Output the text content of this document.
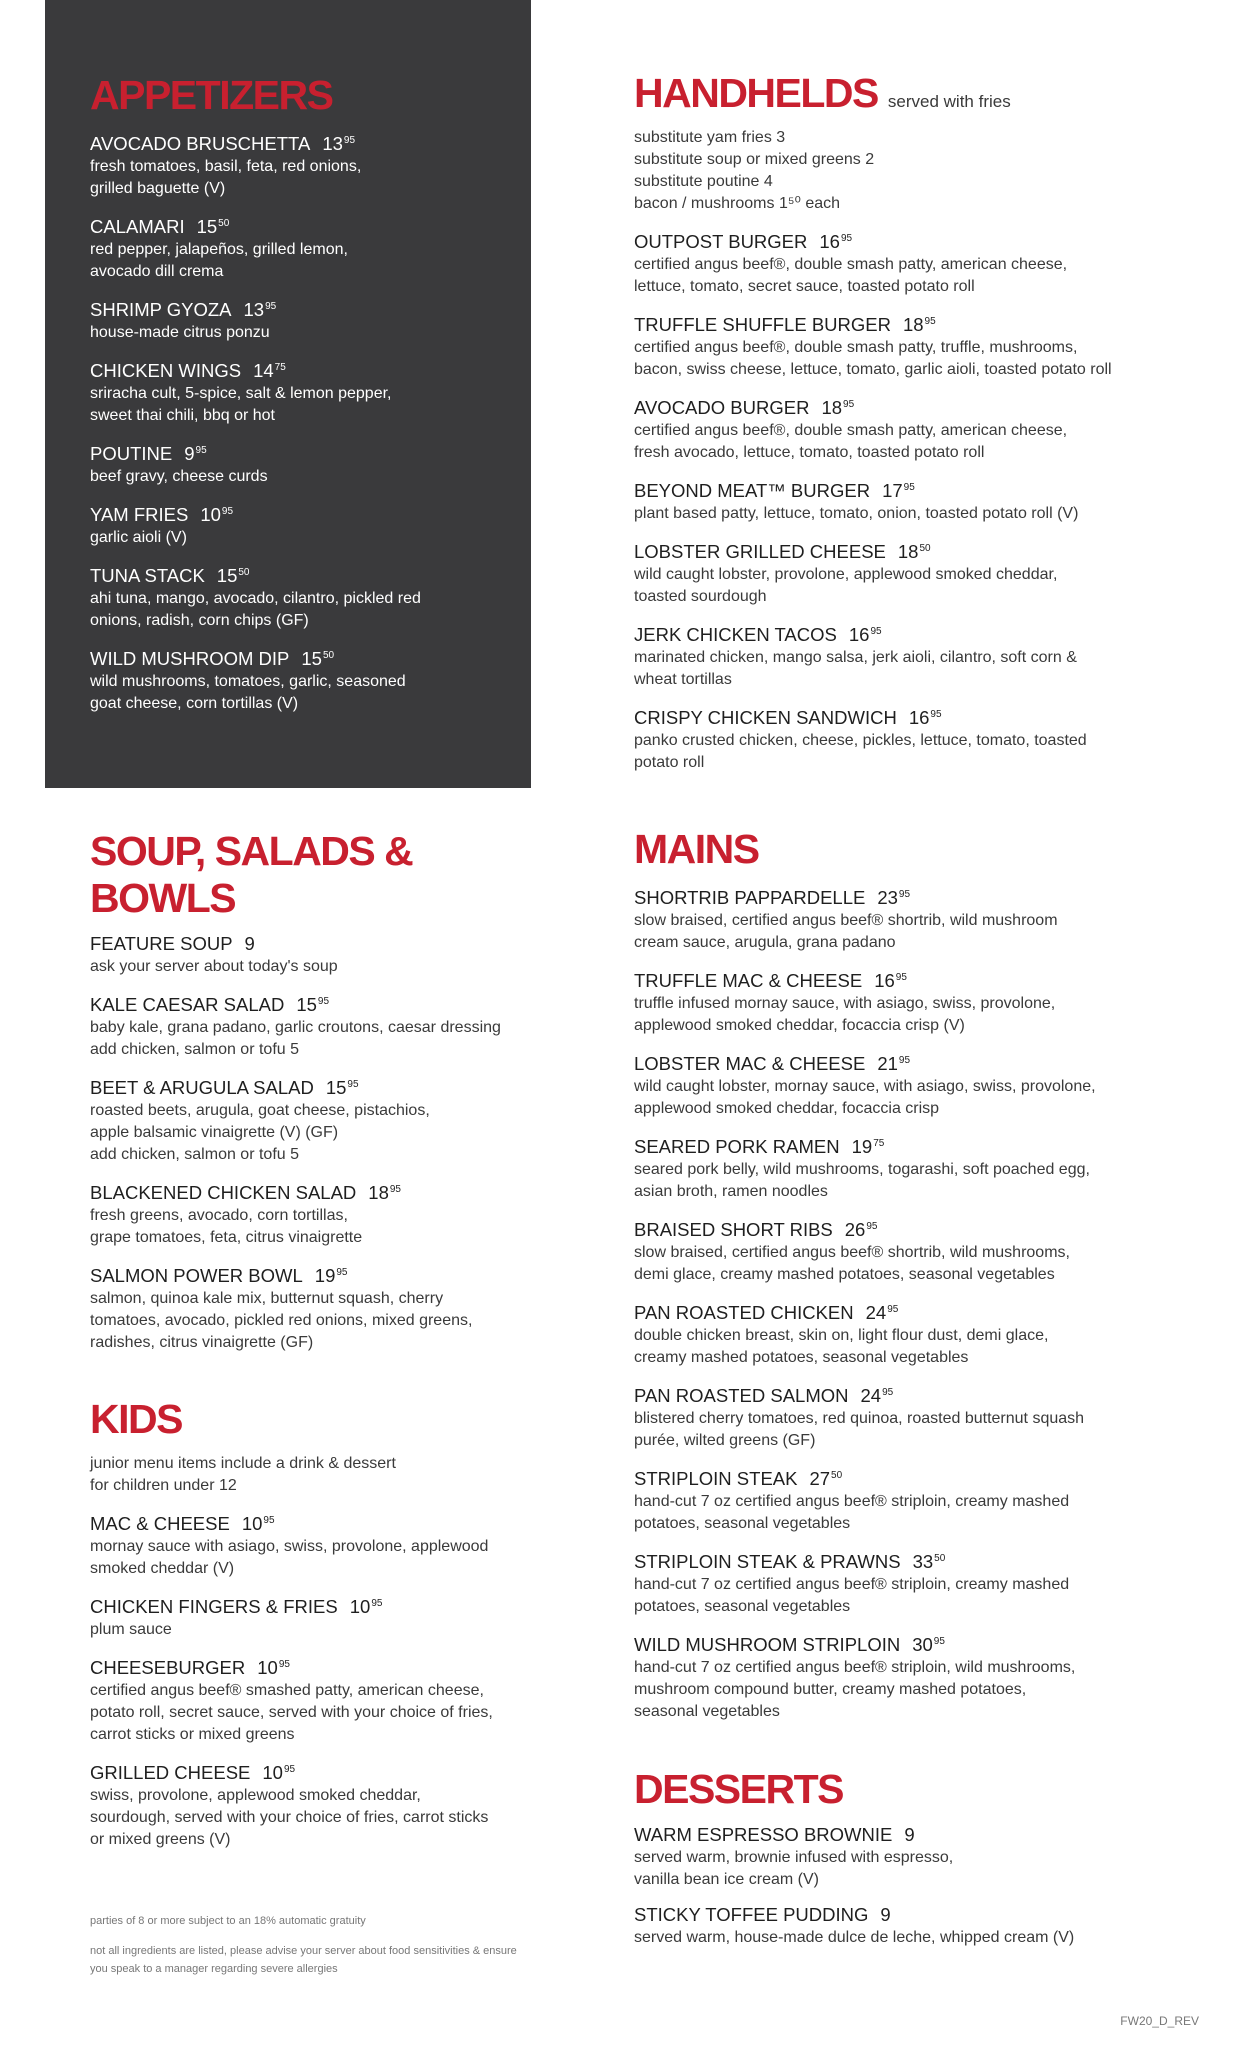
APPETIZERS
AVOCADO BRUSCHETTA $13^{95}$
fresh tomatoes, basil, feta, red onions,
grilled baguette (V)
CALAMARI $15^{50}$
red pepper, jalapeños, grilled lemon,
avocado dill crema
SHRIMP GYOZA $13^{95}$
house-made citrus ponzu
CHICKEN WINGS $14^{75}$
sriracha cult, 5-spice, salt & lemon pepper,
sweet thai chili, bbq or hot
POUTINE $9^{95}$
beef gravy, cheese curds
YAM FRIES $10^{95}$
garlic aioli (V)
TUNA STACK $15^{50}$
ahi tuna, mango, avocado, cilantro, pickled red
onions, radish, corn chips (GF)
WILD MUSHROOM DIP $15^{50}$
wild mushrooms, tomatoes, garlic, seasoned
goat cheese, corn tortillas (V)
HANDHELDS served with fries
substitute yam fries 3
substitute soup or mixed greens 2
substitute poutine 4
bacon / mushrooms 1⁵⁰ each
OUTPOST BURGER $16^{95}$
certified angus beef®, double smash patty, american cheese,
lettuce, tomato, secret sauce, toasted potato roll
TRUFFLE SHUFFLE BURGER $18^{95}$
certified angus beef®, double smash patty, truffle, mushrooms,
bacon, swiss cheese, lettuce, tomato, garlic aioli, toasted potato roll
AVOCADO BURGER $18^{95}$
certified angus beef®, double smash patty, american cheese,
fresh avocado, lettuce, tomato, toasted potato roll
BEYOND MEAT™ BURGER $17^{95}$
plant based patty, lettuce, tomato, onion, toasted potato roll (V)
LOBSTER GRILLED CHEESE $18^{50}$
wild caught lobster, provolone, applewood smoked cheddar,
toasted sourdough
JERK CHICKEN TACOS $16^{95}$
marinated chicken, mango salsa, jerk aioli, cilantro, soft corn &
wheat tortillas
CRISPY CHICKEN SANDWICH $16^{95}$
panko crusted chicken, cheese, pickles, lettuce, tomato, toasted
potato roll
SOUP, SALADS &
BOWLS
FEATURE SOUP 9
ask your server about today's soup
KALE CAESAR SALAD $15^{95}$
baby kale, grana padano, garlic croutons, caesar dressing
add chicken, salmon or tofu 5
BEET & ARUGULA SALAD $15^{95}$
roasted beets, arugula, goat cheese, pistachios,
apple balsamic vinaigrette (V) (GF)
add chicken, salmon or tofu 5
BLACKENED CHICKEN SALAD $18^{95}$
fresh greens, avocado, corn tortillas,
grape tomatoes, feta, citrus vinaigrette
SALMON POWER BOWL $19^{95}$
salmon, quinoa kale mix, butternut squash, cherry
tomatoes, avocado, pickled red onions, mixed greens,
radishes, citrus vinaigrette (GF)
KIDS
junior menu items include a drink & dessert
for children under 12
MAC & CHEESE $10^{95}$
mornay sauce with asiago, swiss, provolone, applewood
smoked cheddar (V)
CHICKEN FINGERS & FRIES $10^{95}$
plum sauce
CHEESEBURGER $10^{95}$
certified angus beef® smashed patty, american cheese,
potato roll, secret sauce, served with your choice of fries,
carrot sticks or mixed greens
GRILLED CHEESE $10^{95}$
swiss, provolone, applewood smoked cheddar,
sourdough, served with your choice of fries, carrot sticks
or mixed greens (V)
MAINS
SHORTRIB PAPPARDELLE $23^{95}$
slow braised, certified angus beef® shortrib, wild mushroom
cream sauce, arugula, grana padano
TRUFFLE MAC & CHEESE $16^{95}$
truffle infused mornay sauce, with asiago, swiss, provolone,
applewood smoked cheddar, focaccia crisp (V)
LOBSTER MAC & CHEESE $21^{95}$
wild caught lobster, mornay sauce, with asiago, swiss, provolone,
applewood smoked cheddar, focaccia crisp
SEARED PORK RAMEN $19^{75}$
seared pork belly, wild mushrooms, togarashi, soft poached egg,
asian broth, ramen noodles
BRAISED SHORT RIBS $26^{95}$
slow braised, certified angus beef® shortrib, wild mushrooms,
demi glace, creamy mashed potatoes, seasonal vegetables
PAN ROASTED CHICKEN $24^{95}$
double chicken breast, skin on, light flour dust, demi glace,
creamy mashed potatoes, seasonal vegetables
PAN ROASTED SALMON $24^{95}$
blistered cherry tomatoes, red quinoa, roasted butternut squash
purée, wilted greens (GF)
STRIPLOIN STEAK $27^{50}$
hand-cut 7 oz certified angus beef® striploin, creamy mashed
potatoes, seasonal vegetables
STRIPLOIN STEAK & PRAWNS $33^{50}$
hand-cut 7 oz certified angus beef® striploin, creamy mashed
potatoes, seasonal vegetables
WILD MUSHROOM STRIPLOIN $30^{95}$
hand-cut 7 oz certified angus beef® striploin, wild mushrooms,
mushroom compound butter, creamy mashed potatoes,
seasonal vegetables
DESSERTS
WARM ESPRESSO BROWNIE 9
served warm, brownie infused with espresso,
vanilla bean ice cream (V)
STICKY TOFFEE PUDDING 9
served warm, house-made dulce de leche, whipped cream (V)
parties of 8 or more subject to an 18% automatic gratuity
not all ingredients are listed, please advise your server about food sensitivities & ensure
you speak to a manager regarding severe allergies
FW20_D_REV
